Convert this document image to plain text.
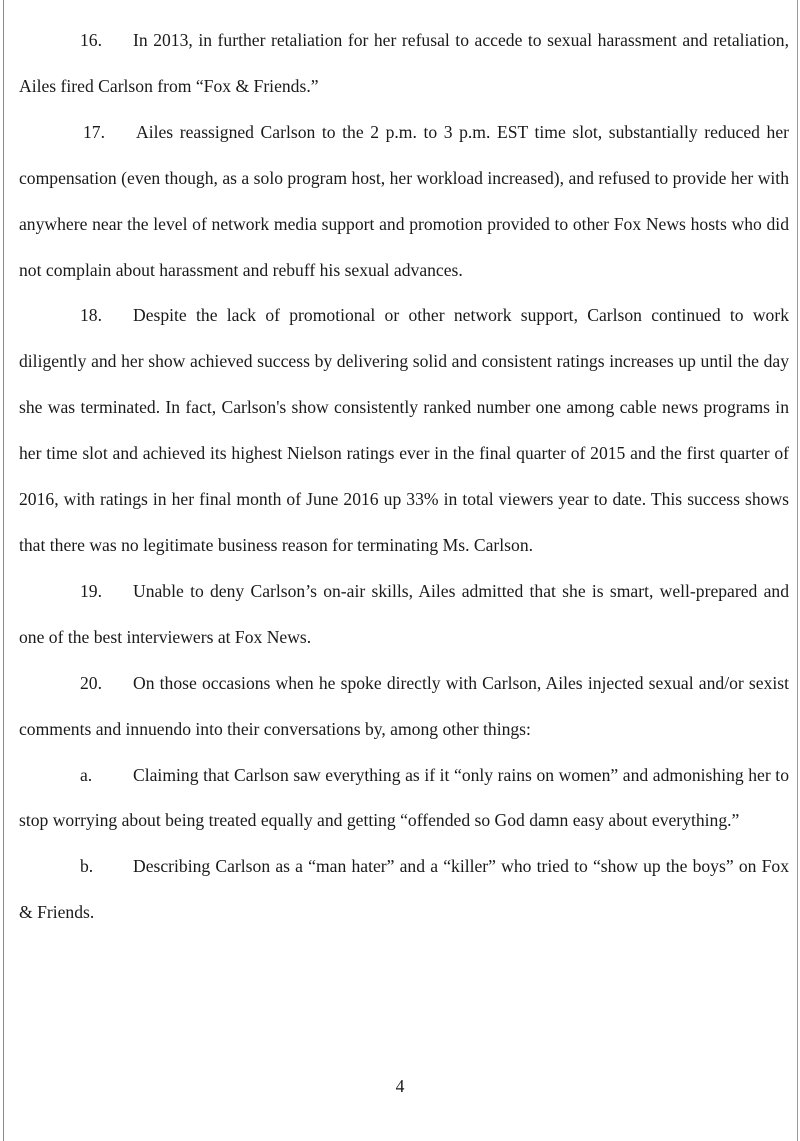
16. In 2013, in further retaliation for her refusal to accede to sexual harassment and retaliation, Ailes fired Carlson from “Fox & Friends.”

17. Ailes reassigned Carlson to the 2 p.m. to 3 p.m. EST time slot, substantially reduced her compensation (even though, as a solo program host, her workload increased), and refused to provide her with anywhere near the level of network media support and promotion provided to other Fox News hosts who did not complain about harassment and rebuff his sexual advances.

18. Despite the lack of promotional or other network support, Carlson continued to work diligently and her show achieved success by delivering solid and consistent ratings increases up until the day she was terminated. In fact, Carlson's show consistently ranked number one among cable news programs in her time slot and achieved its highest Nielson ratings ever in the final quarter of 2015 and the first quarter of 2016, with ratings in her final month of June 2016 up 33% in total viewers year to date. This success shows that there was no legitimate business reason for terminating Ms. Carlson.

19. Unable to deny Carlson’s on-air skills, Ailes admitted that she is smart, well-prepared and one of the best interviewers at Fox News.

20. On those occasions when he spoke directly with Carlson, Ailes injected sexual and/or sexist comments and innuendo into their conversations by, among other things:

a. Claiming that Carlson saw everything as if it “only rains on women” and admonishing her to stop worrying about being treated equally and getting “offended so God damn easy about everything.”

b. Describing Carlson as a “man hater” and a “killer” who tried to “show up the boys” on Fox & Friends.

4
